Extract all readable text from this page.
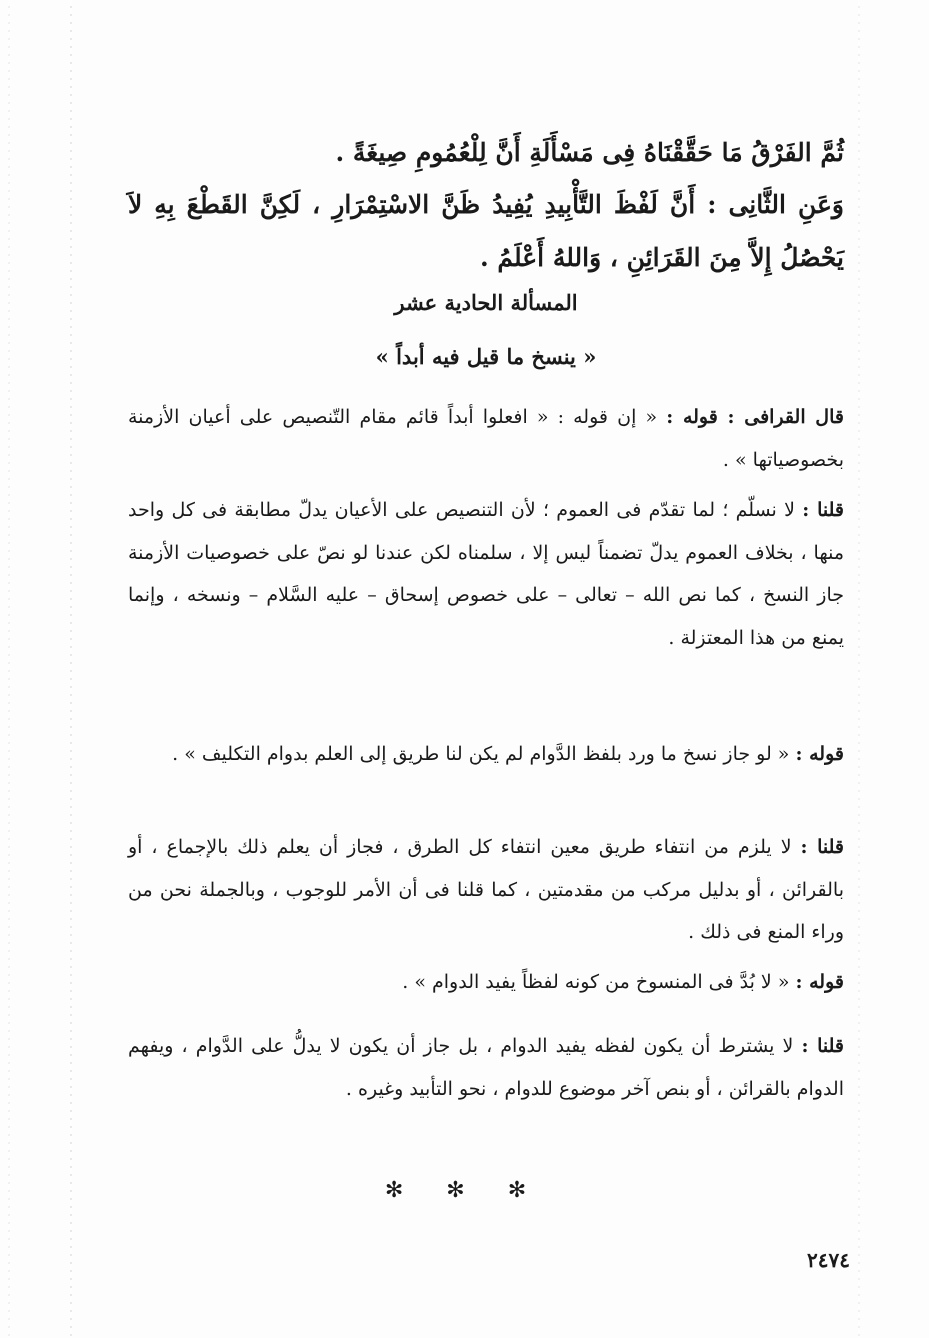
ثُمَّ الفَرْقُ مَا حَقَّقْنَاهُ فِى مَسْأَلَةِ أَنَّ لِلْعُمُومِ صِيغَةً .
وَعَنِ الثَّانِى : أَنَّ لَفْظَ التَّأْبِيدِ يُفِيدُ ظَنَّ الاسْتِمْرَارِ ، لَكِنَّ القَطْعَ بِهِ لاَ يَحْصُلُ إِلاَّ مِنَ القَرَائِنِ ، وَاللهُ أَعْلَمُ .
المسألة الحادية عشر
« ينسخ ما قيل فيه أبداً »
قال القرافى : قوله : « إن قوله : « افعلوا أبداً قائم مقام التّنصيص على أعيان الأزمنة بخصوصياتها » .
قلنا : لا نسلّم ؛ لما تقدّم فى العموم ؛ لأن التنصيص على الأعيان يدلّ مطابقة فى كل واحد منها ، بخلاف العموم يدلّ تضمناً ليس إلا ، سلمناه لكن عندنا لو نصّ على خصوصيات الأزمنة جاز النسخ ، كما نص الله – تعالى – على خصوص إسحاق – عليه السَّلام – ونسخه ، وإنما يمنع من هذا المعتزلة .
قوله : « لو جاز نسخ ما ورد بلفظ الدَّوام لم يكن لنا طريق إلى العلم بدوام التكليف » .
قلنا : لا يلزم من انتفاء طريق معين انتفاء كل الطرق ، فجاز أن يعلم ذلك بالإجماع ، أو بالقرائن ، أو بدليل مركب من مقدمتين ، كما قلنا فى أن الأمر للوجوب ، وبالجملة نحن من وراء المنع فى ذلك .
قوله : « لا بُدَّ فى المنسوخ من كونه لفظاً يفيد الدوام » .
قلنا : لا يشترط أن يكون لفظه يفيد الدوام ، بل جاز أن يكون لا يدلُّ على الدَّوام ، ويفهم الدوام بالقرائن ، أو بنص آخر موضوع للدوام ، نحو التأبيد وغيره .
✻ ✻ ✻
٢٤٧٤
